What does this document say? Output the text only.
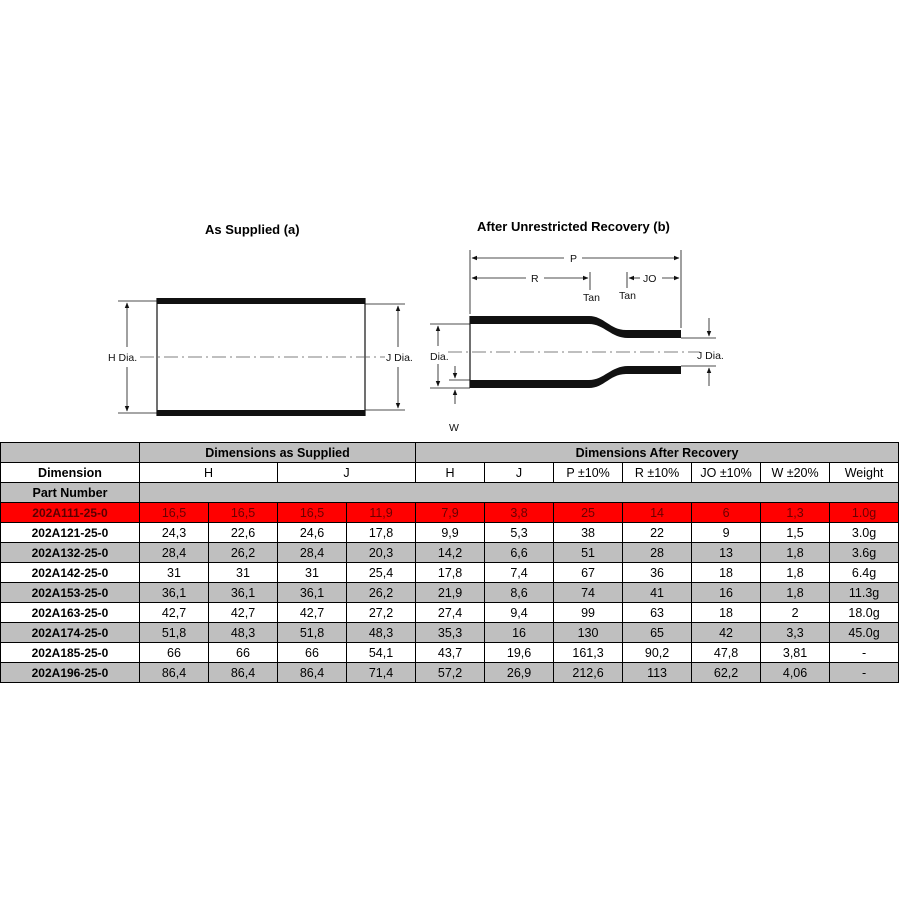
H Dia.	J Dia.
P
R	JO
Tan Tan
Dia.
W
J Dia.
As Supplied (a)	After Unrestricted Recovery (b)
	Dimensions as Supplied				Dimensions After Recovery						
Dimension	H		J		H	J	P ±10%	R ±10%	JO ±10%	W ±20%	Weight
Part Number											
202A111-25-0	16,5	16,5	16,5	11,9	7,9	3,8	25	14	6	1,3	1.0g
202A121-25-0	24,3	22,6	24,6	17,8	9,9	5,3	38	22	9	1,5	3.0g
202A132-25-0	28,4	26,2	28,4	20,3	14,2	6,6	51	28	13	1,8	3.6g
202A142-25-0	31	31	31	25,4	17,8	7,4	67	36	18	1,8	6.4g
202A153-25-0	36,1	36,1	36,1	26,2	21,9	8,6	74	41	16	1,8	11.3g
202A163-25-0	42,7	42,7	42,7	27,2	27,4	9,4	99	63	18	2	18.0g
202A174-25-0	51,8	48,3	51,8	48,3	35,3	16	130	65	42	3,3	45.0g
202A185-25-0	66	66	66	54,1	43,7	19,6	161,3	90,2	47,8	3,81	-
202A196-25-0	86,4	86,4	86,4	71,4	57,2	26,9	212,6	113	62,2	4,06	-
